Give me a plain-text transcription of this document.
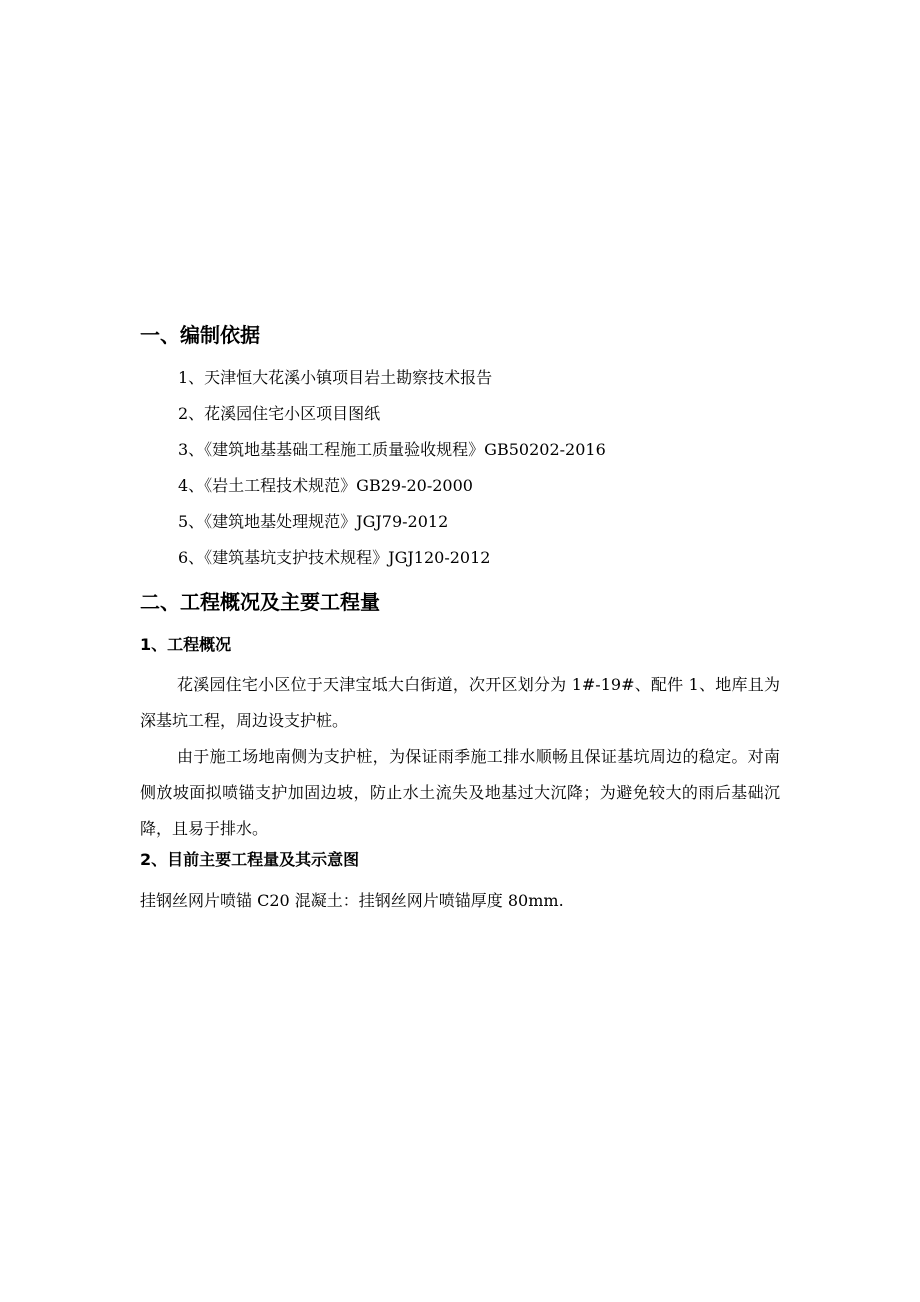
一、编制依据
1、天津恒大花溪小镇项目岩土勘察技术报告
2、花溪园住宅小区项目图纸
3、《建筑地基基础工程施工质量验收规程》GB50202-2016
4、《岩土工程技术规范》GB29-20-2000
5、《建筑地基处理规范》JGJ79-2012
6、《建筑基坑支护技术规程》JGJ120-2012
二、工程概况及主要工程量
1、工程概况
花溪园住宅小区位于天津宝坻大白街道，次开区划分为 1#-19#、配件 1、地库且为深基坑工程，周边设支护桩。
由于施工场地南侧为支护桩，为保证雨季施工排水顺畅且保证基坑周边的稳定。对南侧放坡面拟喷锚支护加固边坡，防止水土流失及地基过大沉降；为避免较大的雨后基础沉降，且易于排水。
2、目前主要工程量及其示意图
挂钢丝网片喷锚 C20 混凝土：挂钢丝网片喷锚厚度 80mm.
